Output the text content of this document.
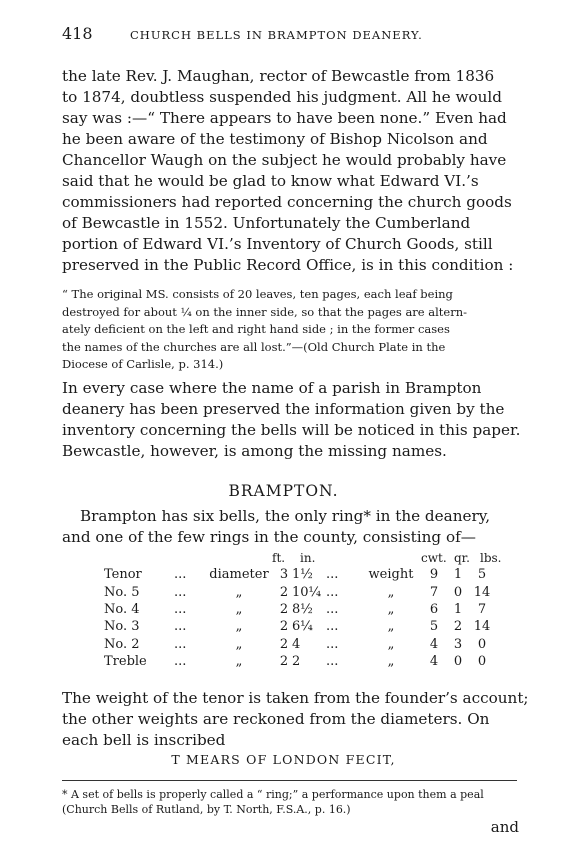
418	CHURCH BELLS IN BRAMPTON DEANERY.
the late Rev. J. Maughan, rector of Bewcastle from 1836
to 1874, doubtless suspended his judgment. All he would
say was :—“ There appears to have been none.” Even had
he been aware of the testimony of Bishop Nicolson and
Chancellor Waugh on the subject he would probably have
said that he would be glad to know what Edward VI.’s
commissioners had reported concerning the church goods
of Bewcastle in 1552. Unfortunately the Cumberland
portion of Edward VI.’s Inventory of Church Goods, still
preserved in the Public Record Office, is in this condition :
“ The original MS. consists of 20 leaves, ten pages, each leaf being
destroyed for about ¼ on the inner side, so that the pages are altern-
ately deficient on the left and right hand side ; in the former cases
the names of the churches are all lost.”—(Old Church Plate in the
Diocese of Carlisle, p. 314.)
In every case where the name of a parish in Brampton
deanery has been preserved the information given by the
inventory concerning the bells will be noticed in this paper.
Bewcastle, however, is among the missing names.
BRAMPTON.
Brampton has six bells, the only ring* in the deanery,
and one of the few rings in the county, consisting of—
ft. in.	cwt. qr. lbs.
Tenor	...	diameter	3	1½	...	weight	9	1	5
No. 5	...	„	2	10¼	...	„	7	0	14
No. 4	...	„	2	8½	...	„	6	1	7
No. 3	...	„	2	6¼	...	„	5	2	14
No. 2	...	„	2	4	...	„	4	3	0
Treble	...	„	2	2	...	„	4	0	0
The weight of the tenor is taken from the founder’s account;
the other weights are reckoned from the diameters. On
each bell is inscribed
T MEARS OF LONDON FECIT,
* A set of bells is properly called a “ ring;” a performance upon them a peal
(Church Bells of Rutland, by T. North, F.S.A., p. 16.)
and
